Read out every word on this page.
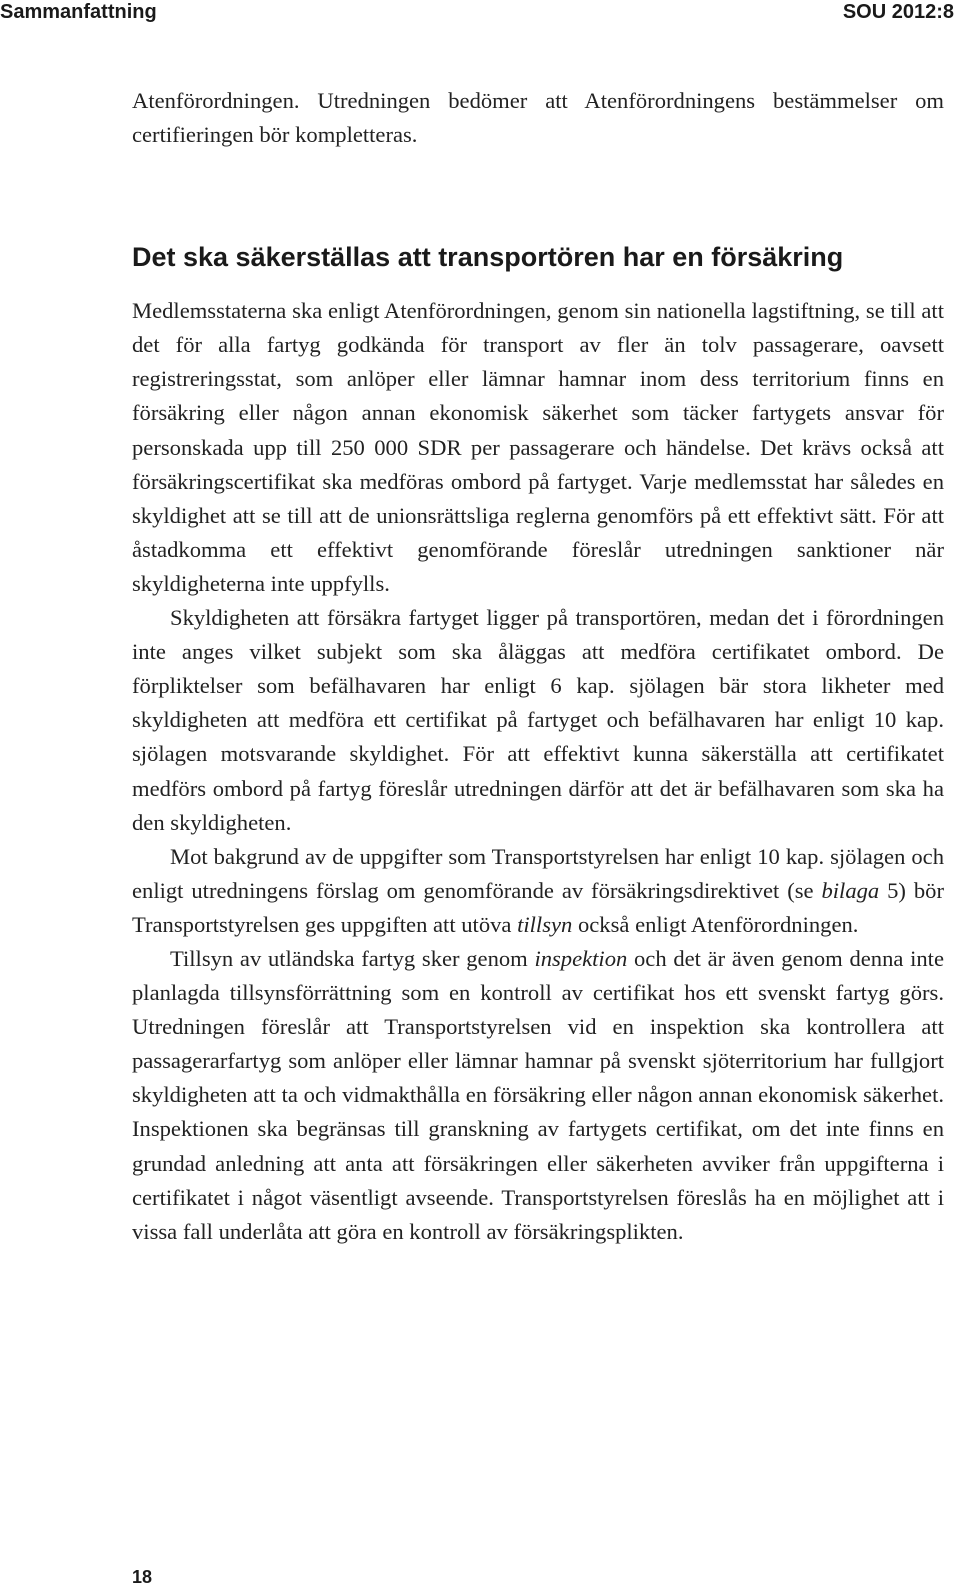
Sammanfattning	SOU 2012:8

Atenförordningen. Utredningen bedömer att Atenförordningens bestämmelser om certifieringen bör kompletteras.

Det ska säkerställas att transportören har en försäkring

Medlemsstaterna ska enligt Atenförordningen, genom sin nationella lagstiftning, se till att det för alla fartyg godkända för transport av fler än tolv passagerare, oavsett registreringsstat, som anlöper eller lämnar hamnar inom dess territorium finns en försäkring eller någon annan ekonomisk säkerhet som täcker fartygets ansvar för personskada upp till 250 000 SDR per passagerare och händelse. Det krävs också att försäkringscertifikat ska medföras ombord på fartyget. Varje medlemsstat har således en skyldighet att se till att de unionsrättsliga reglerna genomförs på ett effektivt sätt. För att åstadkomma ett effektivt genomförande föreslår utredningen sanktioner när skyldigheterna inte uppfylls.

Skyldigheten att försäkra fartyget ligger på transportören, medan det i förordningen inte anges vilket subjekt som ska åläggas att medföra certifikatet ombord. De förpliktelser som befälhavaren har enligt 6 kap. sjölagen bär stora likheter med skyldigheten att medföra ett certifikat på fartyget och befälhavaren har enligt 10 kap. sjölagen motsvarande skyldighet. För att effektivt kunna säkerställa att certifikatet medförs ombord på fartyg föreslår utredningen därför att det är befälhavaren som ska ha den skyldigheten.

Mot bakgrund av de uppgifter som Transportstyrelsen har enligt 10 kap. sjölagen och enligt utredningens förslag om genomförande av försäkringsdirektivet (se bilaga 5) bör Transportstyrelsen ges uppgiften att utöva tillsyn också enligt Atenförordningen.

Tillsyn av utländska fartyg sker genom inspektion och det är även genom denna inte planlagda tillsynsförrättning som en kontroll av certifikat hos ett svenskt fartyg görs. Utredningen föreslår att Transportstyrelsen vid en inspektion ska kontrollera att passagerarfartyg som anlöper eller lämnar hamnar på svenskt sjöterritorium har fullgjort skyldigheten att ta och vidmakthålla en försäkring eller någon annan ekonomisk säkerhet. Inspektionen ska begränsas till granskning av fartygets certifikat, om det inte finns en grundad anledning att anta att försäkringen eller säkerheten avviker från uppgifterna i certifikatet i något väsentligt avseende. Transportstyrelsen föreslås ha en möjlighet att i vissa fall underlåta att göra en kontroll av försäkringsplikten.

18
